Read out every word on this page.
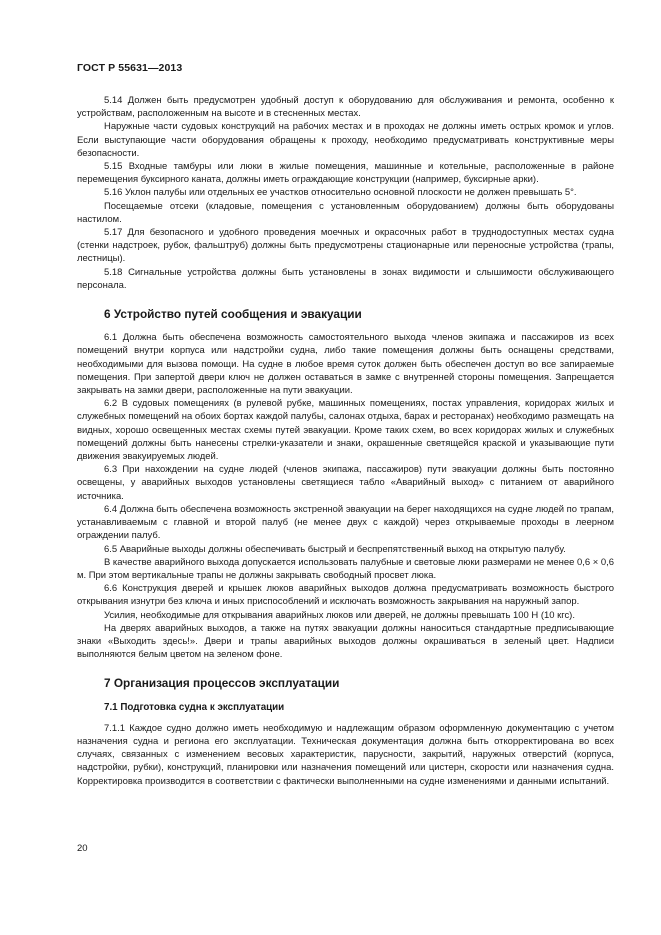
ГОСТ Р 55631—2013

5.14 Должен быть предусмотрен удобный доступ к оборудованию для обслуживания и ремонта, особенно к устройствам, расположенным на высоте и в стесненных местах.

Наружные части судовых конструкций на рабочих местах и в проходах не должны иметь острых кромок и углов. Если выступающие части оборудования обращены к проходу, необходимо предусматривать конструктивные меры безопасности.

5.15 Входные тамбуры или люки в жилые помещения, машинные и котельные, расположенные в районе перемещения буксирного каната, должны иметь ограждающие конструкции (например, буксирные арки).

5.16 Уклон палубы или отдельных ее участков относительно основной плоскости не должен превышать 5°.

Посещаемые отсеки (кладовые, помещения с установленным оборудованием) должны быть оборудованы настилом.

5.17 Для безопасного и удобного проведения моечных и окрасочных работ в труднодоступных местах судна (стенки надстроек, рубок, фальштруб) должны быть предусмотрены стационарные или переносные устройства (трапы, лестницы).

5.18 Сигнальные устройства должны быть установлены в зонах видимости и слышимости обслуживающего персонала.

6 Устройство путей сообщения и эвакуации

6.1 Должна быть обеспечена возможность самостоятельного выхода членов экипажа и пассажиров из всех помещений внутри корпуса или надстройки судна, либо такие помещения должны быть оснащены средствами, необходимыми для вызова помощи. На судне в любое время суток должен быть обеспечен доступ во все запираемые помещения. При запертой двери ключ не должен оставаться в замке с внутренней стороны помещения. Запрещается закрывать на замки двери, расположенные на пути эвакуации.

6.2 В судовых помещениях (в рулевой рубке, машинных помещениях, постах управления, коридорах жилых и служебных помещений на обоих бортах каждой палубы, салонах отдыха, барах и ресторанах) необходимо размещать на видных, хорошо освещенных местах схемы путей эвакуации. Кроме таких схем, во всех коридорах жилых и служебных помещений должны быть нанесены стрелки-указатели и знаки, окрашенные светящейся краской и указывающие пути движения эвакуируемых людей.

6.3 При нахождении на судне людей (членов экипажа, пассажиров) пути эвакуации должны быть постоянно освещены, у аварийных выходов установлены светящиеся табло «Аварийный выход» с питанием от аварийного источника.

6.4 Должна быть обеспечена возможность экстренной эвакуации на берег находящихся на судне людей по трапам, устанавливаемым с главной и второй палуб (не менее двух с каждой) через открываемые проходы в леерном ограждении палуб.

6.5 Аварийные выходы должны обеспечивать быстрый и беспрепятственный выход на открытую палубу.

В качестве аварийного выхода допускается использовать палубные и световые люки размерами не менее 0,6 × 0,6 м. При этом вертикальные трапы не должны закрывать свободный просвет люка.

6.6 Конструкция дверей и крышек люков аварийных выходов должна предусматривать возможность быстрого открывания изнутри без ключа и иных приспособлений и исключать возможность закрывания на наружный запор.

Усилия, необходимые для открывания аварийных люков или дверей, не должны превышать 100 Н (10 кгс).

На дверях аварийных выходов, а также на путях эвакуации должны наноситься стандартные предписывающие знаки «Выходить здесь!». Двери и трапы аварийных выходов должны окрашиваться в зеленый цвет. Надписи выполняются белым цветом на зеленом фоне.

7 Организация процессов эксплуатации
7.1 Подготовка судна к эксплуатации

7.1.1 Каждое судно должно иметь необходимую и надлежащим образом оформленную документацию с учетом назначения судна и региона его эксплуатации. Техническая документация должна быть откорректирована во всех случаях, связанных с изменением весовых характеристик, парусности, закрытий, наружных отверстий (корпуса, надстройки, рубки), конструкций, планировки или назначения помещений или цистерн, скорости или назначения судна. Корректировка производится в соответствии с фактически выполненными на судне изменениями и данными испытаний.

20
